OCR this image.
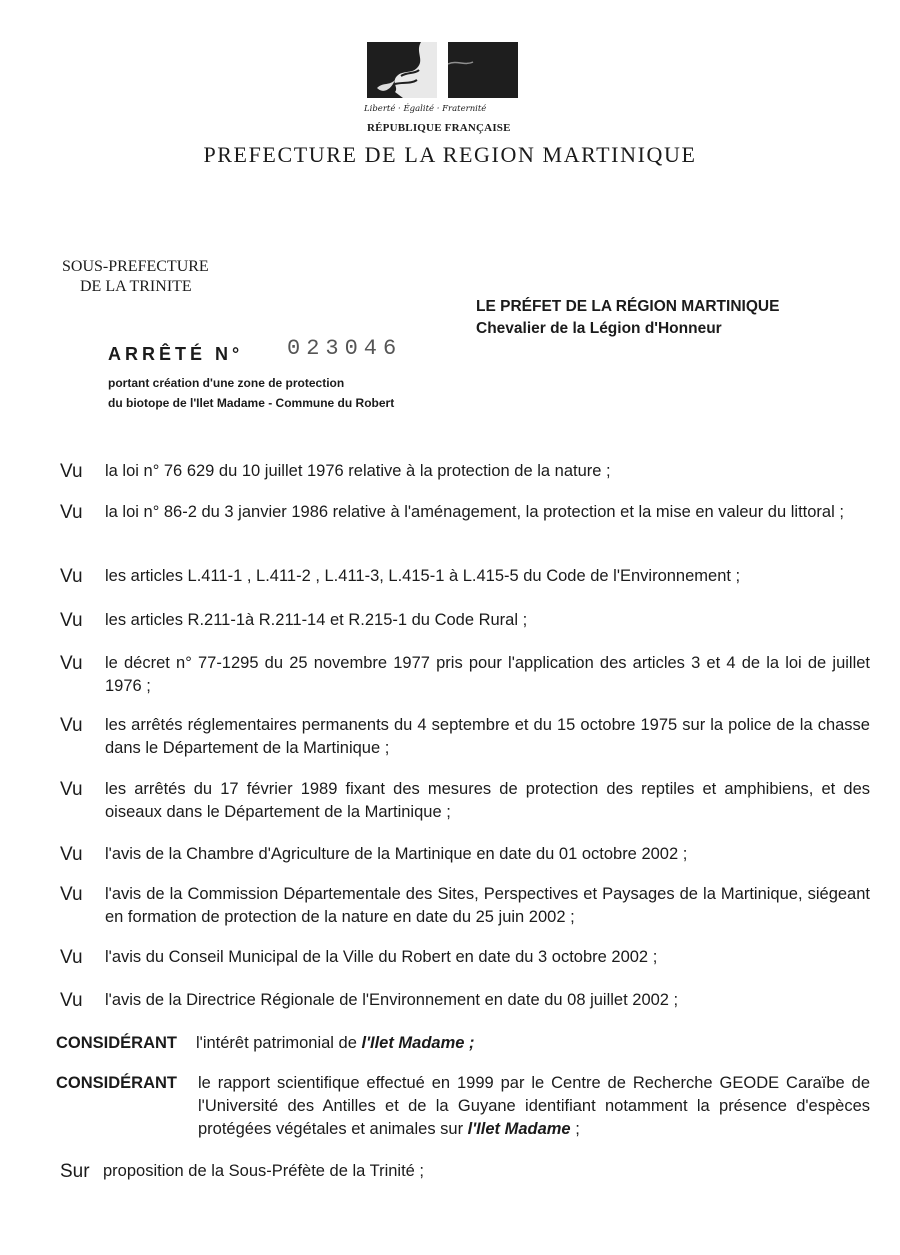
Liberté · Égalité · Fraternité
RÉPUBLIQUE FRANÇAISE
PREFECTURE DE LA REGION MARTINIQUE
SOUS-PREFECTURE
DE LA TRINITE
LE PRÉFET DE LA RÉGION MARTINIQUE
Chevalier de la Légion d'Honneur
ARRÊTÉ N° 023046
portant création d'une zone de protection
du biotope de l'Ilet Madame - Commune du Robert
Vu la loi n° 76 629 du 10 juillet 1976 relative à la protection de la nature ;
Vu la loi n° 86-2 du 3 janvier 1986 relative à l'aménagement, la protection et la mise en valeur du littoral ;
Vu les articles L.411-1 , L.411-2 , L.411-3, L.415-1 à L.415-5 du Code de l'Environnement ;
Vu les articles R.211-1à R.211-14 et R.215-1 du Code Rural ;
Vu le décret n° 77-1295 du 25 novembre 1977 pris pour l'application des articles 3 et 4 de la loi de juillet 1976 ;
Vu les arrêtés réglementaires permanents du 4 septembre et du 15 octobre 1975 sur la police de la chasse dans le Département de la Martinique ;
Vu les arrêtés du 17 février 1989 fixant des mesures de protection des reptiles et amphibiens, et des oiseaux dans le Département de la Martinique ;
Vu l'avis de la Chambre d'Agriculture de la Martinique en date du 01 octobre 2002 ;
Vu l'avis de la Commission Départementale des Sites, Perspectives et Paysages de la Martinique, siégeant en formation de protection de la nature en date du 25 juin 2002 ;
Vu l'avis du Conseil Municipal de la Ville du Robert en date du 3 octobre 2002 ;
Vu l'avis de la Directrice Régionale de l'Environnement en date du 08 juillet 2002 ;
CONSIDÉRANT l'intérêt patrimonial de l'Ilet Madame ;
CONSIDÉRANT le rapport scientifique effectué en 1999 par le Centre de Recherche GEODE Caraïbe de l'Université des Antilles et de la Guyane identifiant notamment la présence d'espèces protégées végétales et animales sur l'Ilet Madame ;
Sur proposition de la Sous-Préfète de la Trinité ;
